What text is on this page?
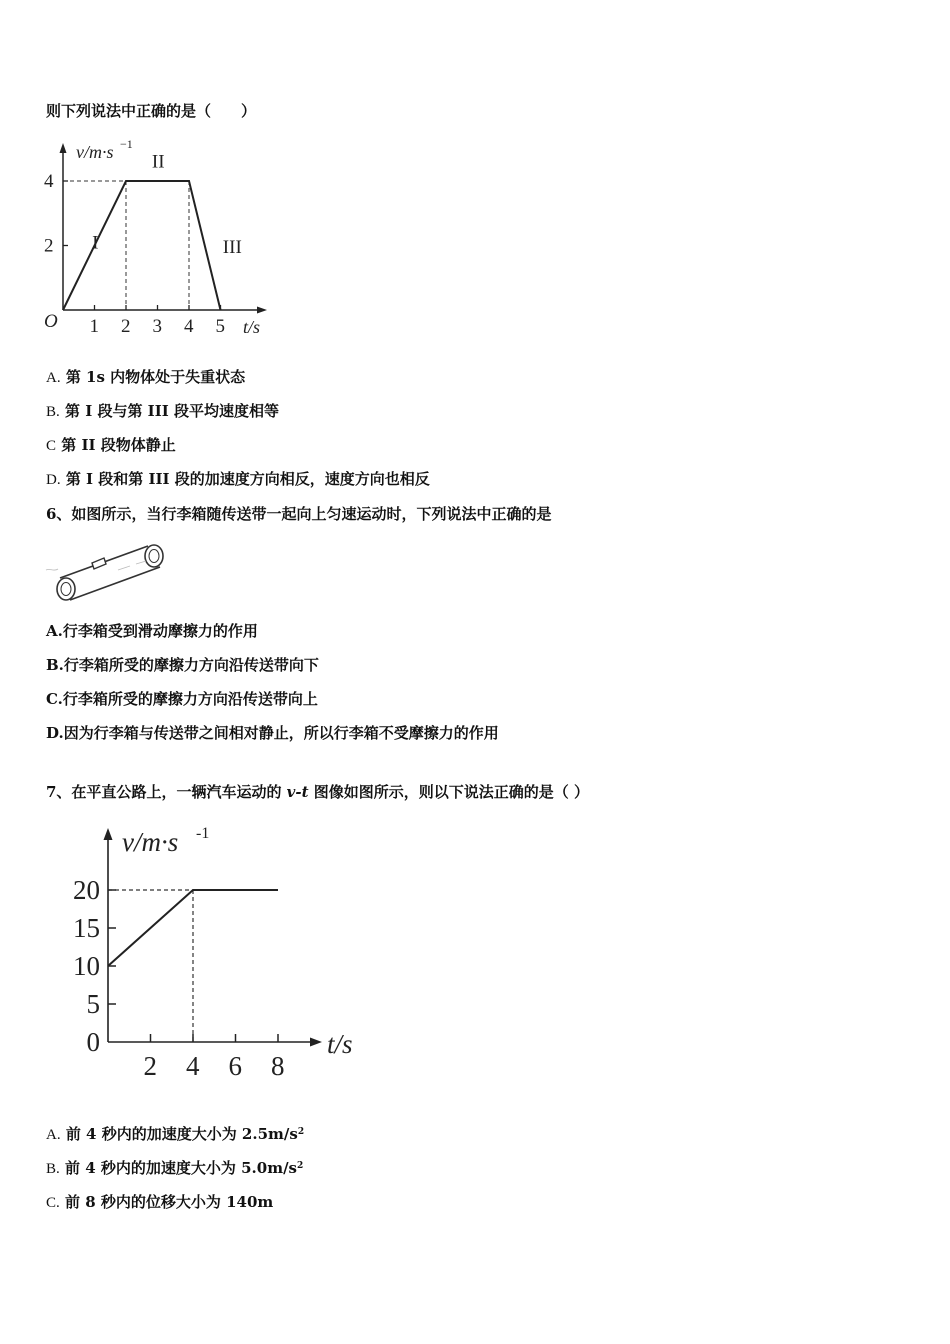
则下列说法中正确的是（　　）
1 2 3 4 5
2
4
I
II
III
v/m·s −1
t/s
O
A. 第 1s 内物体处于失重状态
B. 第 I 段与第 III 段平均速度相等
C 第 II 段物体静止
D. 第 I 段和第 III 段的加速度方向相反，速度方向也相反
6、如图所示，当行李箱随传送带一起向上匀速运动时，下列说法中正确的是
A.行李箱受到滑动摩擦力的作用
B.行李箱所受的摩擦力方向沿传送带向下
C.行李箱所受的摩擦力方向沿传送带向上
D.因为行李箱与传送带之间相对静止，所以行李箱不受摩擦力的作用
7、在平直公路上，一辆汽车运动的 v-t 图像如图所示，则以下说法正确的是（ ）
2 4 6 8
0
5
10
15
20
v/m·s -1
t/s
A. 前 4 秒内的加速度大小为 $2.5m/s^2$
B. 前 4 秒内的加速度大小为 $5.0m/s^2$
C. 前 8 秒内的位移大小为 140m
